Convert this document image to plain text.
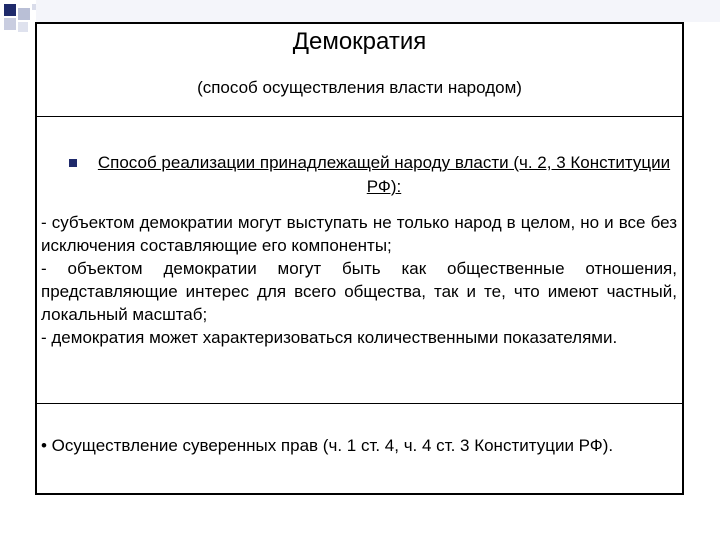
Демократия
(способ осуществления власти народом)
Способ реализации принадлежащей народу власти (ч. 2, 3 Конституции РФ):

- субъектом демократии могут выступать не только народ в целом, но и все без исключения составляющие его компоненты;

- объектом демократии могут быть как общественные отношения, представляющие интерес для всего общества, так и те, что имеют частный, локальный масштаб;

- демократия может характеризоваться количественными показателями.

• Осуществление суверенных прав (ч. 1 ст. 4, ч. 4 ст. 3 Конституции РФ).
